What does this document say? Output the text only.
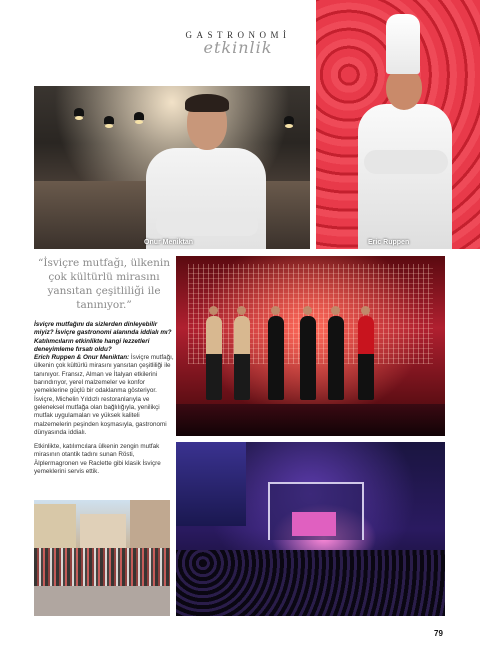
GASTRONOMİ
etkinlik
Onur Meniktan	Eric Ruppen
“İsviçre mutfağı, ülkenin çok kültürlü mirasını yansıtan çeşitliliği ile tanınıyor.”

İsviçre mutfağını da sizlerden dinleyebilir miyiz? İsviçre gastronomi alanında iddialı mı? Katılımcıların etkinlikte hangi lezzetleri deneyimleme fırsatı oldu?
Erich Ruppen & Onur Meniktan: İsviçre mutfağı, ülkenin çok kültürlü mirasını yansıtan çeşitliliği ile tanınıyor. Fransız, Alman ve İtalyan etkilerini barındırıyor, yerel malzemeler ve konfor yemeklerine güçlü bir odaklanma gösteriyor. İsviçre, Michelin Yıldızlı restoranlarıyla ve geleneksel mutfağa olan bağlılığıyla, yenilikçi mutfak uygulamaları ve yüksek kaliteli malzemelerin peşinden koşmasıyla, gastronomi dünyasında iddialı.

Etkinlikte, katılımcılara ülkenin zengin mutfak mirasının otantik tadını sunan Rösti, Älplermagronen ve Raclette gibi klasik İsviçre yemeklerini servis ettik.

79
